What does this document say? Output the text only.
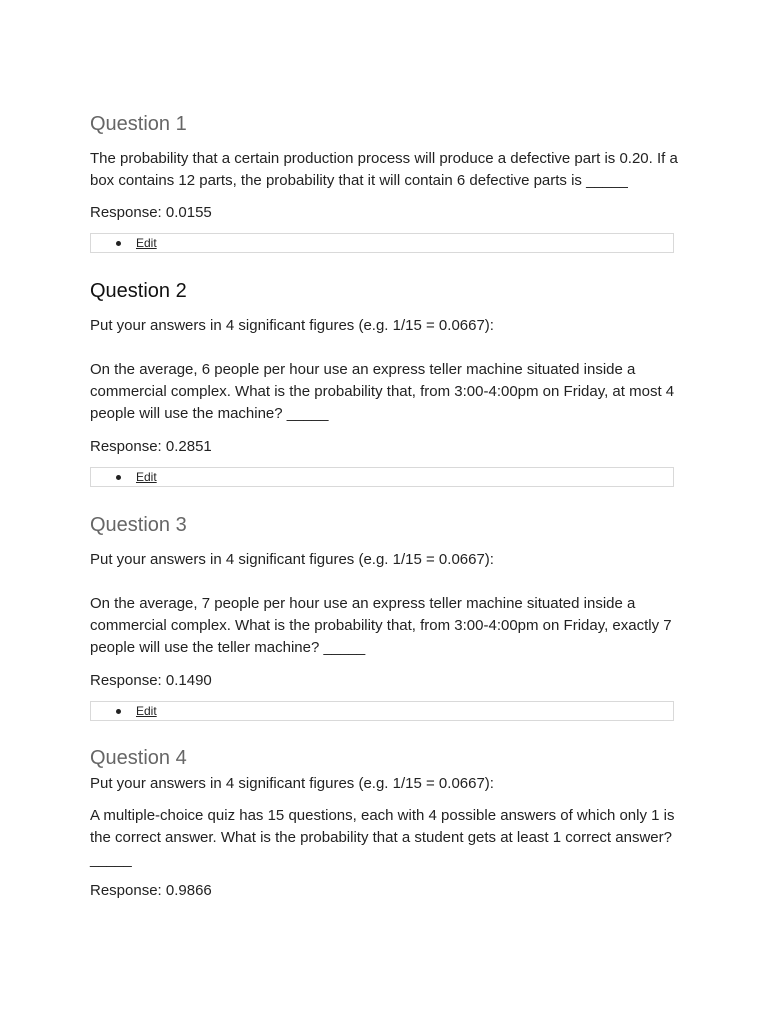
Question 1

The probability that a certain production process will produce a defective part is 0.20. If a box contains 12 parts, the probability that it will contain 6 defective parts is _____

Response: 0.0155

Edit
Question 2

Put your answers in 4 significant figures (e.g. 1/15 = 0.0667):

On the average, 6 people per hour use an express teller machine situated inside a commercial complex. What is the probability that, from 3:00-4:00pm on Friday, at most 4 people will use the machine? _____

Response: 0.2851

Edit
Question 3

Put your answers in 4 significant figures (e.g. 1/15 = 0.0667):

On the average, 7 people per hour use an express teller machine situated inside a commercial complex. What is the probability that, from 3:00-4:00pm on Friday, exactly 7 people will use the teller machine? _____

Response: 0.1490

Edit
Question 4

Put your answers in 4 significant figures (e.g. 1/15 = 0.0667):

A multiple-choice quiz has 15 questions, each with 4 possible answers of which only 1 is the correct answer. What is the probability that a student gets at least 1 correct answer? _____

Response: 0.9866
